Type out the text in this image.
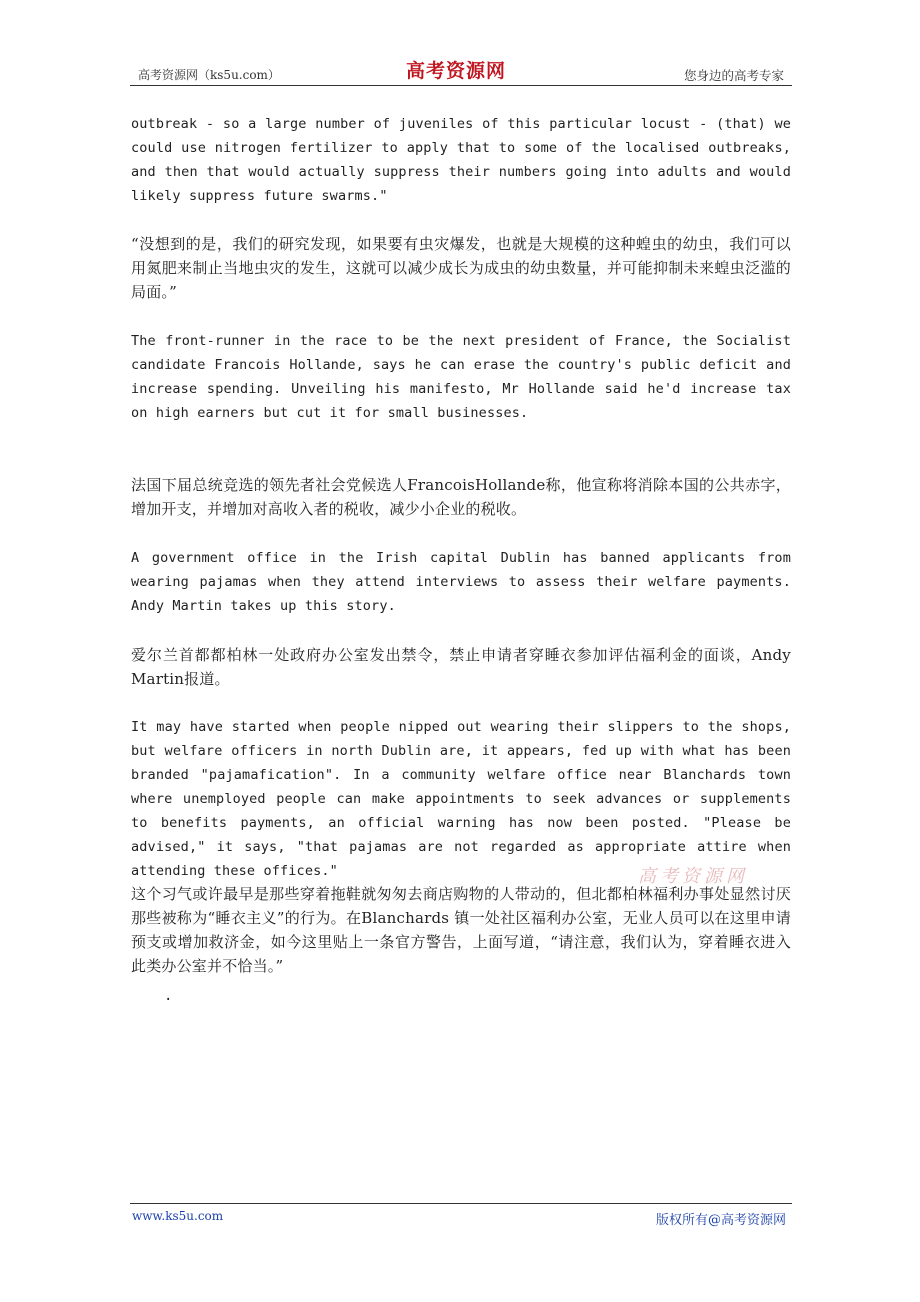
高考资源网（ks5u.com）	高考资源网	您身边的高考专家

outbreak - so a large number of juveniles of this particular locust - (that) we could use nitrogen fertilizer to apply that to some of the localised outbreaks, and then that would actually suppress their numbers going into adults and would likely suppress future swarms."

“没想到的是，我们的研究发现，如果要有虫灾爆发，也就是大规模的这种蝗虫的幼虫，我们可以用氮肥来制止当地虫灾的发生，这就可以减少成长为成虫的幼虫数量，并可能抑制未来蝗虫泛滥的局面。”

The front-runner in the race to be the next president of France, the Socialist candidate Francois Hollande, says he can erase the country's public deficit and increase spending. Unveiling his manifesto, Mr Hollande said he'd increase tax on high earners but cut it for small businesses.

法国下届总统竞选的领先者社会党候选人FrancoisHollande称，他宣称将消除本国的公共赤字，增加开支，并增加对高收入者的税收，减少小企业的税收。

A government office in the Irish capital Dublin has banned applicants from wearing pajamas when they attend interviews to assess their welfare payments. Andy Martin takes up this story.

爱尔兰首都都柏林一处政府办公室发出禁令，禁止申请者穿睡衣参加评估福利金的面谈，Andy Martin报道。

It may have started when people nipped out wearing their slippers to the shops, but welfare officers in north Dublin are, it appears, fed up with what has been branded "pajamafication". In a community welfare office near Blanchards town where unemployed people can make appointments to seek advances or supplements to benefits payments, an official warning has now been posted. "Please be advised," it says, "that pajamas are not regarded as appropriate attire when attending these offices."

这个习气或许最早是那些穿着拖鞋就匆匆去商店购物的人带动的，但北都柏林福利办事处显然讨厌那些被称为“睡衣主义”的行为。在Blanchards 镇一处社区福利办公室，无业人员可以在这里申请预支或增加救济金，如今这里贴上一条官方警告，上面写道，“请注意，我们认为，穿着睡衣进入此类办公室并不恰当。”

高考资源网
.
www.ks5u.com	版权所有@高考资源网
